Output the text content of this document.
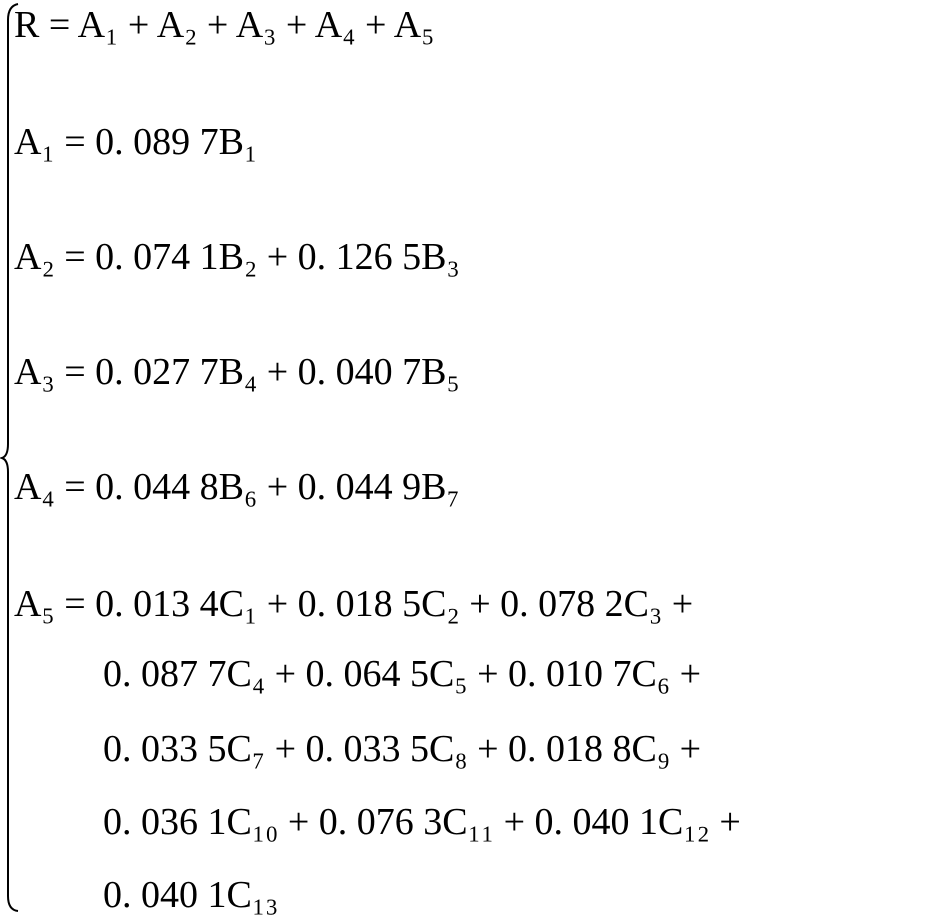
R = A₁ + A₂ + A₃ + A₄ + A₅
A₁ = 0. 089 7B₁
A₂ = 0. 074 1B₂ + 0. 126 5B₃
A₃ = 0. 027 7B₄ + 0. 040 7B₅
A₄ = 0. 044 8B₆ + 0. 044 9B₇
A₅ = 0. 013 4C₁ + 0. 018 5C₂ + 0. 078 2C₃ +
0. 087 7C₄ + 0. 064 5C₅ + 0. 010 7C₆ +
0. 033 5C₇ + 0. 033 5C₈ + 0. 018 8C₉ +
0. 036 1C₁₀ + 0. 076 3C₁₁ + 0. 040 1C₁₂ +
0. 040 1C₁₃
